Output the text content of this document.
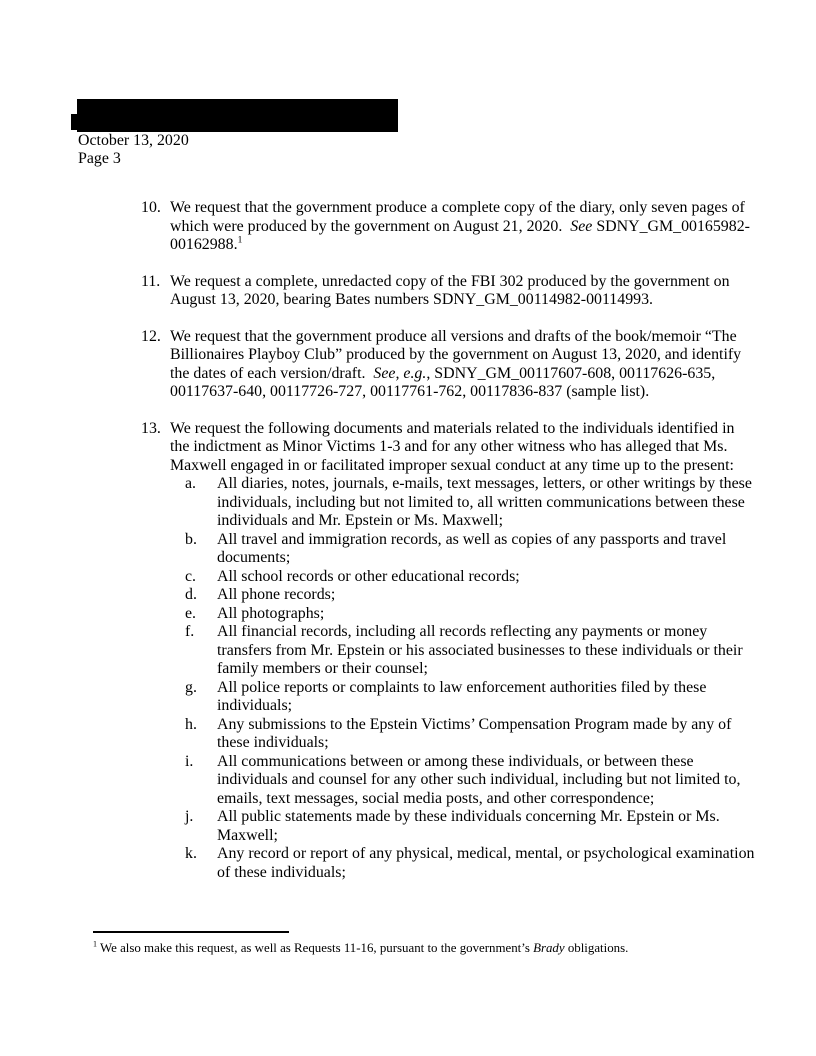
October 13, 2020
Page 3
10. We request that the government produce a complete copy of the diary, only seven pages of which were produced by the government on August 21, 2020.  See SDNY_GM_00165982-00162988.$^1$
11. We request a complete, unredacted copy of the FBI 302 produced by the government on August 13, 2020, bearing Bates numbers SDNY_GM_00114982-00114993.
12. We request that the government produce all versions and drafts of the book/memoir “The Billionaires Playboy Club” produced by the government on August 13, 2020, and identify the dates of each version/draft.  See, e.g., SDNY_GM_00117607-608, 00117626-635, 00117637-640, 00117726-727, 00117761-762, 00117836-837 (sample list).
13. We request the following documents and materials related to the individuals identified in the indictment as Minor Victims 1-3 and for any other witness who has alleged that Ms. Maxwell engaged in or facilitated improper sexual conduct at any time up to the present:
a. All diaries, notes, journals, e-mails, text messages, letters, or other writings by these individuals, including but not limited to, all written communications between these individuals and Mr. Epstein or Ms. Maxwell;
b. All travel and immigration records, as well as copies of any passports and travel documents;
c. All school records or other educational records;
d. All phone records;
e. All photographs;
f. All financial records, including all records reflecting any payments or money transfers from Mr. Epstein or his associated businesses to these individuals or their family members or their counsel;
g. All police reports or complaints to law enforcement authorities filed by these individuals;
h. Any submissions to the Epstein Victims’ Compensation Program made by any of these individuals;
i. All communications between or among these individuals, or between these individuals and counsel for any other such individual, including but not limited to, emails, text messages, social media posts, and other correspondence;
j. All public statements made by these individuals concerning Mr. Epstein or Ms. Maxwell;
k. Any record or report of any physical, medical, mental, or psychological examination of these individuals;
$^1$ We also make this request, as well as Requests 11-16, pursuant to the government’s Brady obligations.
